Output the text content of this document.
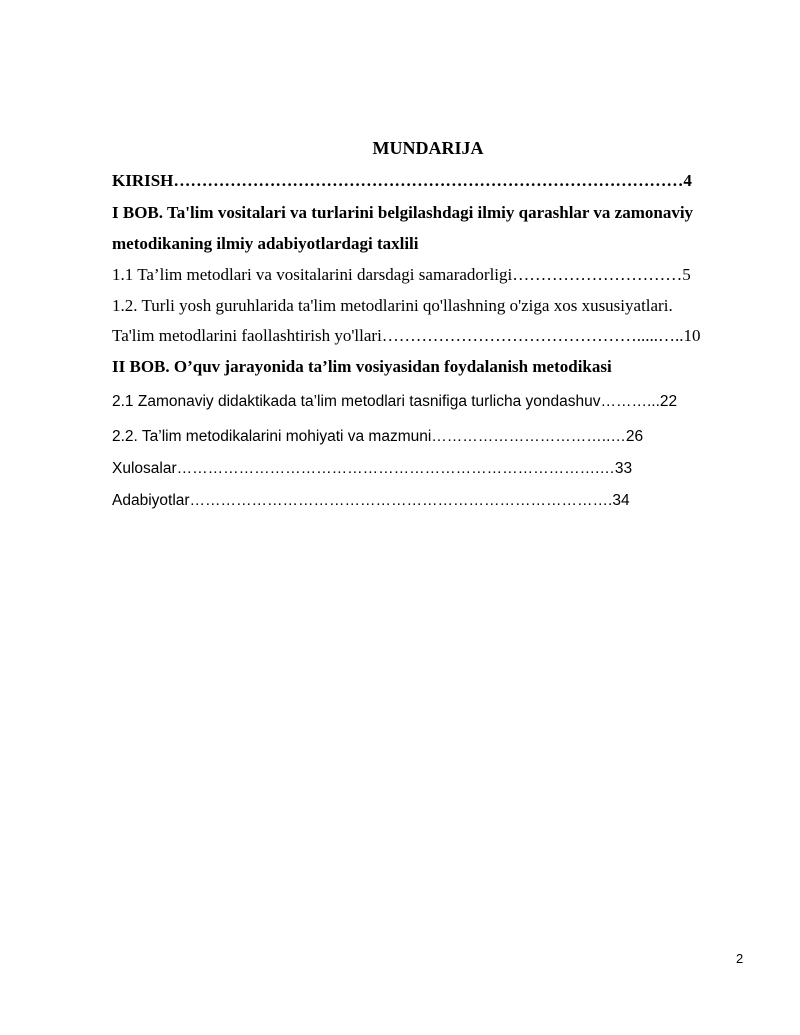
MUNDARIJA
KIRISH………………………………………………………………………………4
I BOB. Ta'lim vositalari va turlarini belgilashdagi ilmiy qarashlar va zamonaviy
metodikaning ilmiy adabiyotlardagi taxlili
1.1 Ta’lim metodlari va vositalarini darsdagi samaradorligi…………………………5
1.2. Turli yosh guruhlarida ta'lim metodlarini qo'llashning o'ziga xos xususiyatlari.
Ta'lim metodlarini faollashtirish yo'llari……………………………………….....…..10
II BOB. O’quv jarayonida ta’lim vosiyasidan foydalanish metodikasi
2.1 Zamonaviy didaktikada ta’lim metodlari tasnifiga turlicha yondashuv………...22
2.2. Ta’lim metodikalarini mohiyati va mazmuni……………………………..…26
Xulosalar……………………………………………………………………….…33
Adabiyotlar……………………………………………………………………….34
2
